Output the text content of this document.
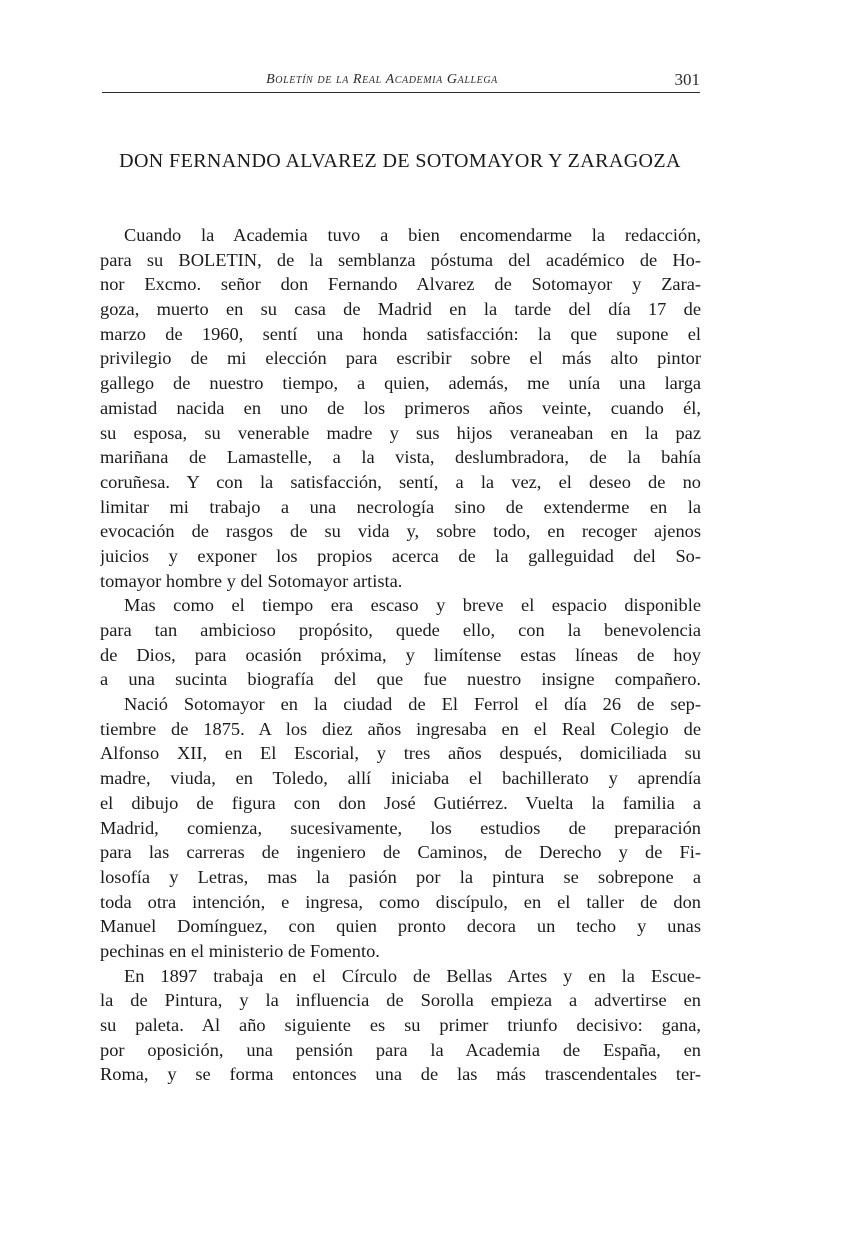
Boletín de la Real Academia Gallega	301
DON FERNANDO ALVAREZ DE SOTOMAYOR Y ZARAGOZA
Cuando la Academia tuvo a bien encomendarme la redacción,
para su BOLETIN, de la semblanza póstuma del académico de Ho-
nor Excmo. señor don Fernando Alvarez de Sotomayor y Zara-
goza, muerto en su casa de Madrid en la tarde del día 17 de
marzo de 1960, sentí una honda satisfacción: la que supone el
privilegio de mi elección para escribir sobre el más alto pintor
gallego de nuestro tiempo, a quien, además, me unía una larga
amistad nacida en uno de los primeros años veinte, cuando él,
su esposa, su venerable madre y sus hijos veraneaban en la paz
mariñana de Lamastelle, a la vista, deslumbradora, de la bahía
coruñesa. Y con la satisfacción, sentí, a la vez, el deseo de no
limitar mi trabajo a una necrología sino de extenderme en la
evocación de rasgos de su vida y, sobre todo, en recoger ajenos
juicios y exponer los propios acerca de la galleguidad del So-
tomayor hombre y del Sotomayor artista.
Mas como el tiempo era escaso y breve el espacio disponible
para tan ambicioso propósito, quede ello, con la benevolencia
de Dios, para ocasión próxima, y limítense estas líneas de hoy
a una sucinta biografía del que fue nuestro insigne compañero.
Nació Sotomayor en la ciudad de El Ferrol el día 26 de sep-
tiembre de 1875. A los diez años ingresaba en el Real Colegio de
Alfonso XII, en El Escorial, y tres años después, domiciliada su
madre, viuda, en Toledo, allí iniciaba el bachillerato y aprendía
el dibujo de figura con don José Gutiérrez. Vuelta la familia a
Madrid, comienza, sucesivamente, los estudios de preparación
para las carreras de ingeniero de Caminos, de Derecho y de Fi-
losofía y Letras, mas la pasión por la pintura se sobrepone a
toda otra intención, e ingresa, como discípulo, en el taller de don
Manuel Domínguez, con quien pronto decora un techo y unas
pechinas en el ministerio de Fomento.
En 1897 trabaja en el Círculo de Bellas Artes y en la Escue-
la de Pintura, y la influencia de Sorolla empieza a advertirse en
su paleta. Al año siguiente es su primer triunfo decisivo: gana,
por oposición, una pensión para la Academia de España, en
Roma, y se forma entonces una de las más trascendentales ter-
